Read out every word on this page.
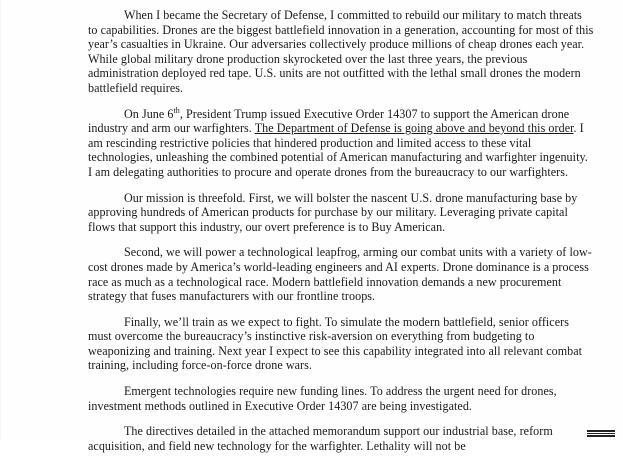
When I became the Secretary of Defense, I committed to rebuild our military to match threats to capabilities. Drones are the biggest battlefield innovation in a generation, accounting for most of this year’s casualties in Ukraine. Our adversaries collectively produce millions of cheap drones each year. While global military drone production skyrocketed over the last three years, the previous administration deployed red tape. U.S. units are not outfitted with the lethal small drones the modern battlefield requires.

On June 6th, President Trump issued Executive Order 14307 to support the American drone industry and arm our warfighters. The Department of Defense is going above and beyond this order. I am rescinding restrictive policies that hindered production and limited access to these vital technologies, unleashing the combined potential of American manufacturing and warfighter ingenuity. I am delegating authorities to procure and operate drones from the bureaucracy to our warfighters.

Our mission is threefold. First, we will bolster the nascent U.S. drone manufacturing base by approving hundreds of American products for purchase by our military. Leveraging private capital flows that support this industry, our overt preference is to Buy American.

Second, we will power a technological leapfrog, arming our combat units with a variety of low-cost drones made by America’s world-leading engineers and AI experts. Drone dominance is a process race as much as a technological race. Modern battlefield innovation demands a new procurement strategy that fuses manufacturers with our frontline troops.

Finally, we’ll train as we expect to fight. To simulate the modern battlefield, senior officers must overcome the bureaucracy’s instinctive risk-aversion on everything from budgeting to weaponizing and training. Next year I expect to see this capability integrated into all relevant combat training, including force-on-force drone wars.

Emergent technologies require new funding lines. To address the urgent need for drones, investment methods outlined in Executive Order 14307 are being investigated.

The directives detailed in the attached memorandum support our industrial base, reform acquisition, and field new technology for the warfighter. Lethality will not be
